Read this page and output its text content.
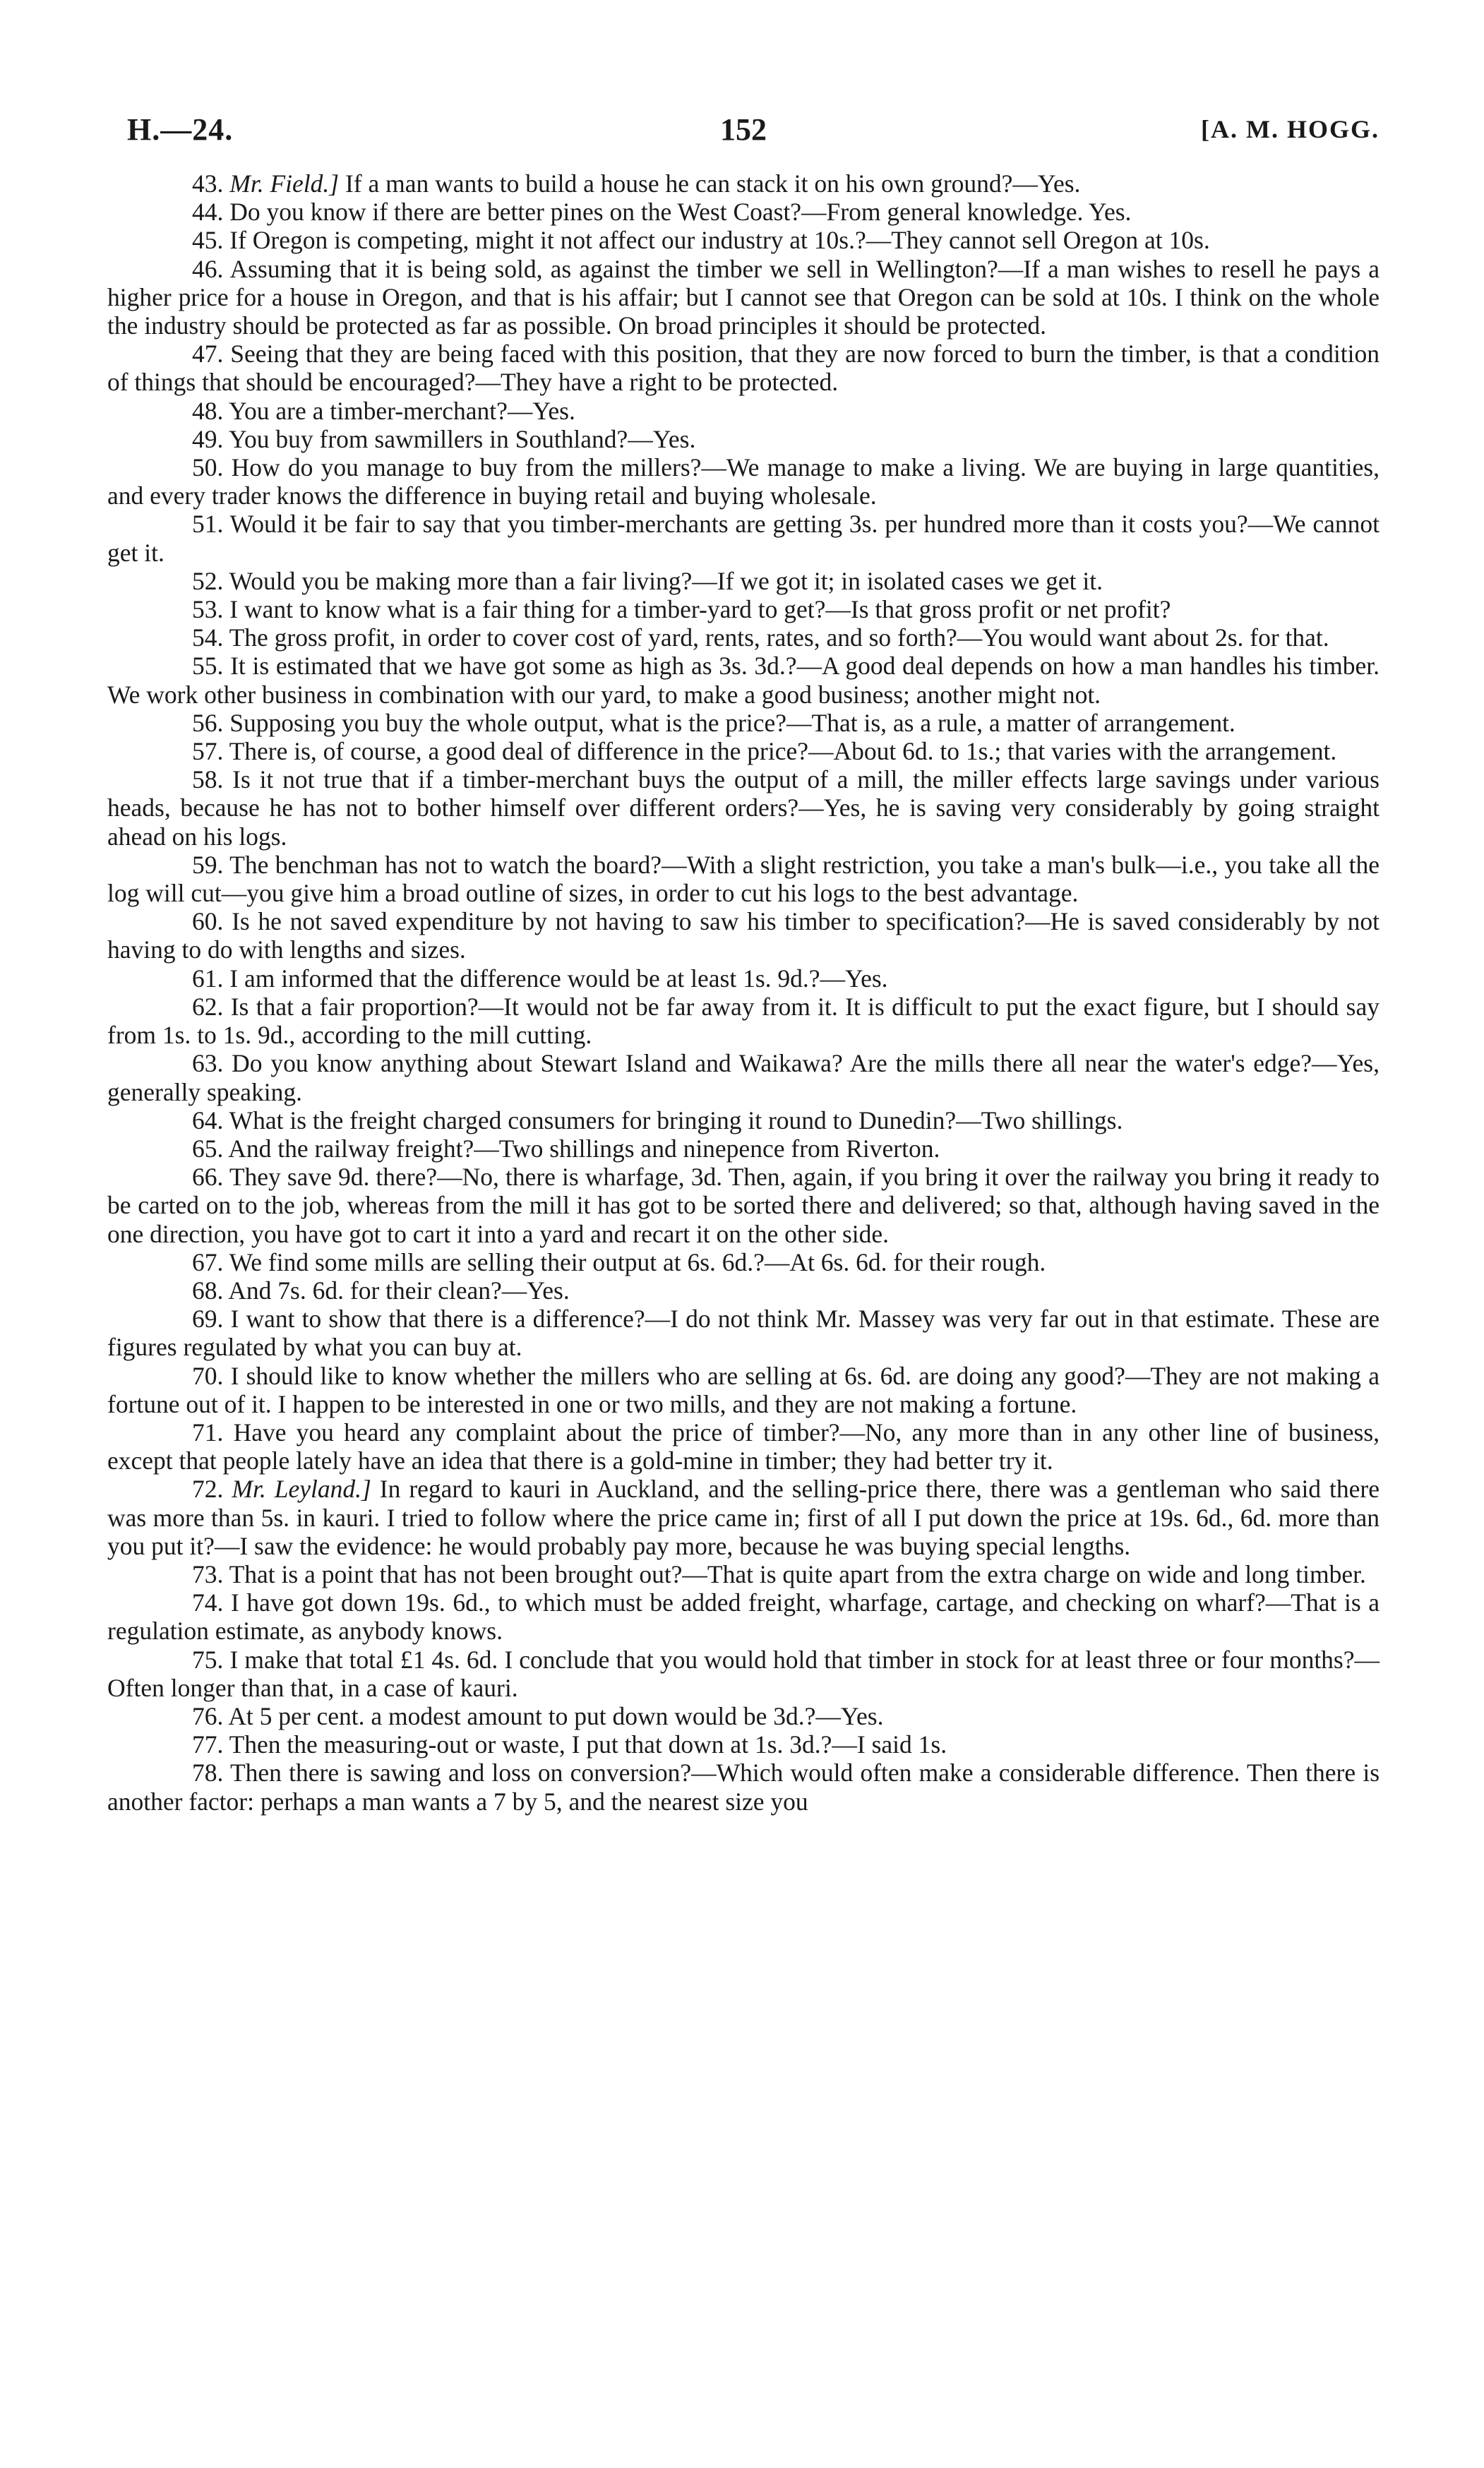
H.—24.	152	[A. M. HOGG.

43. Mr. Field.] If a man wants to build a house he can stack it on his own ground?—Yes.

44. Do you know if there are better pines on the West Coast?—From general knowledge. Yes.

45. If Oregon is competing, might it not affect our industry at 10s.?—They cannot sell Oregon at 10s.

46. Assuming that it is being sold, as against the timber we sell in Wellington?—If a man wishes to resell he pays a higher price for a house in Oregon, and that is his affair; but I cannot see that Oregon can be sold at 10s. I think on the whole the industry should be protected as far as possible. On broad principles it should be protected.

47. Seeing that they are being faced with this position, that they are now forced to burn the timber, is that a condition of things that should be encouraged?—They have a right to be protected.

48. You are a timber-merchant?—Yes.

49. You buy from sawmillers in Southland?—Yes.

50. How do you manage to buy from the millers?—We manage to make a living. We are buying in large quantities, and every trader knows the difference in buying retail and buying wholesale.

51. Would it be fair to say that you timber-merchants are getting 3s. per hundred more than it costs you?—We cannot get it.

52. Would you be making more than a fair living?—If we got it; in isolated cases we get it.

53. I want to know what is a fair thing for a timber-yard to get?—Is that gross profit or net profit?

54. The gross profit, in order to cover cost of yard, rents, rates, and so forth?—You would want about 2s. for that.

55. It is estimated that we have got some as high as 3s. 3d.?—A good deal depends on how a man handles his timber. We work other business in combination with our yard, to make a good business; another might not.

56. Supposing you buy the whole output, what is the price?—That is, as a rule, a matter of arrangement.

57. There is, of course, a good deal of difference in the price?—About 6d. to 1s.; that varies with the arrangement.

58. Is it not true that if a timber-merchant buys the output of a mill, the miller effects large savings under various heads, because he has not to bother himself over different orders?—Yes, he is saving very considerably by going straight ahead on his logs.

59. The benchman has not to watch the board?—With a slight restriction, you take a man's bulk—i.e., you take all the log will cut—you give him a broad outline of sizes, in order to cut his logs to the best advantage.

60. Is he not saved expenditure by not having to saw his timber to specification?—He is saved considerably by not having to do with lengths and sizes.

61. I am informed that the difference would be at least 1s. 9d.?—Yes.

62. Is that a fair proportion?—It would not be far away from it. It is difficult to put the exact figure, but I should say from 1s. to 1s. 9d., according to the mill cutting.

63. Do you know anything about Stewart Island and Waikawa? Are the mills there all near the water's edge?—Yes, generally speaking.

64. What is the freight charged consumers for bringing it round to Dunedin?—Two shillings.

65. And the railway freight?—Two shillings and ninepence from Riverton.

66. They save 9d. there?—No, there is wharfage, 3d. Then, again, if you bring it over the railway you bring it ready to be carted on to the job, whereas from the mill it has got to be sorted there and delivered; so that, although having saved in the one direction, you have got to cart it into a yard and recart it on the other side.

67. We find some mills are selling their output at 6s. 6d.?—At 6s. 6d. for their rough.

68. And 7s. 6d. for their clean?—Yes.

69. I want to show that there is a difference?—I do not think Mr. Massey was very far out in that estimate. These are figures regulated by what you can buy at.

70. I should like to know whether the millers who are selling at 6s. 6d. are doing any good?—They are not making a fortune out of it. I happen to be interested in one or two mills, and they are not making a fortune.

71. Have you heard any complaint about the price of timber?—No, any more than in any other line of business, except that people lately have an idea that there is a gold-mine in timber; they had better try it.

72. Mr. Leyland.] In regard to kauri in Auckland, and the selling-price there, there was a gentleman who said there was more than 5s. in kauri. I tried to follow where the price came in; first of all I put down the price at 19s. 6d., 6d. more than you put it?—I saw the evidence: he would probably pay more, because he was buying special lengths.

73. That is a point that has not been brought out?—That is quite apart from the extra charge on wide and long timber.

74. I have got down 19s. 6d., to which must be added freight, wharfage, cartage, and checking on wharf?—That is a regulation estimate, as anybody knows.

75. I make that total £1 4s. 6d. I conclude that you would hold that timber in stock for at least three or four months?—Often longer than that, in a case of kauri.

76. At 5 per cent. a modest amount to put down would be 3d.?—Yes.

77. Then the measuring-out or waste, I put that down at 1s. 3d.?—I said 1s.

78. Then there is sawing and loss on conversion?—Which would often make a considerable difference. Then there is another factor: perhaps a man wants a 7 by 5, and the nearest size you
